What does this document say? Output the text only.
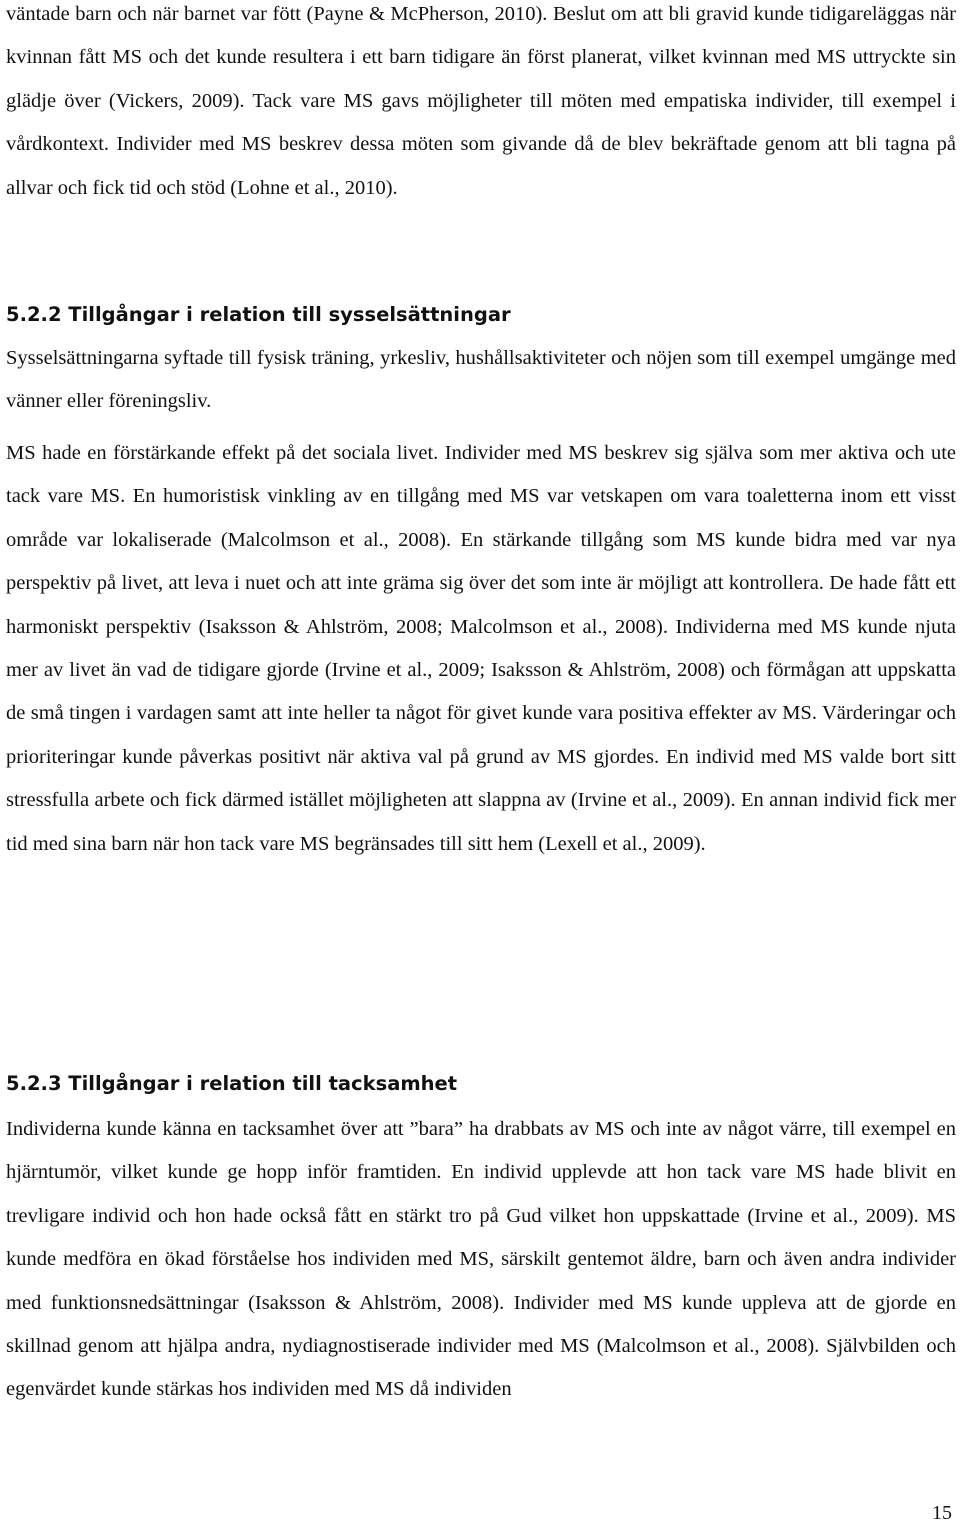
väntade barn och när barnet var fött (Payne & McPherson, 2010). Beslut om att bli gravid kunde tidigareläggas när kvinnan fått MS och det kunde resultera i ett barn tidigare än först planerat, vilket kvinnan med MS uttryckte sin glädje över (Vickers, 2009). Tack vare MS gavs möjligheter till möten med empatiska individer, till exempel i vårdkontext. Individer med MS beskrev dessa möten som givande då de blev bekräftade genom att bli tagna på allvar och fick tid och stöd (Lohne et al., 2010).

5.2.2 Tillgångar i relation till sysselsättningar

Sysselsättningarna syftade till fysisk träning, yrkesliv, hushållsaktiviteter och nöjen som till exempel umgänge med vänner eller föreningsliv.

MS hade en förstärkande effekt på det sociala livet. Individer med MS beskrev sig själva som mer aktiva och ute tack vare MS. En humoristisk vinkling av en tillgång med MS var vetskapen om vara toaletterna inom ett visst område var lokaliserade (Malcolmson et al., 2008). En stärkande tillgång som MS kunde bidra med var nya perspektiv på livet, att leva i nuet och att inte gräma sig över det som inte är möjligt att kontrollera. De hade fått ett harmoniskt perspektiv (Isaksson & Ahlström, 2008; Malcolmson et al., 2008). Individerna med MS kunde njuta mer av livet än vad de tidigare gjorde (Irvine et al., 2009; Isaksson & Ahlström, 2008) och förmågan att uppskatta de små tingen i vardagen samt att inte heller ta något för givet kunde vara positiva effekter av MS. Värderingar och prioriteringar kunde påverkas positivt när aktiva val på grund av MS gjordes. En individ med MS valde bort sitt stressfulla arbete och fick därmed istället möjligheten att slappna av (Irvine et al., 2009). En annan individ fick mer tid med sina barn när hon tack vare MS begränsades till sitt hem (Lexell et al., 2009).

5.2.3 Tillgångar i relation till tacksamhet

Individerna kunde känna en tacksamhet över att ”bara” ha drabbats av MS och inte av något värre, till exempel en hjärntumör, vilket kunde ge hopp inför framtiden. En individ upplevde att hon tack vare MS hade blivit en trevligare individ och hon hade också fått en stärkt tro på Gud vilket hon uppskattade (Irvine et al., 2009). MS kunde medföra en ökad förståelse hos individen med MS, särskilt gentemot äldre, barn och även andra individer med funktionsnedsättningar (Isaksson & Ahlström, 2008). Individer med MS kunde uppleva att de gjorde en skillnad genom att hjälpa andra, nydiagnostiserade individer med MS (Malcolmson et al., 2008). Självbilden och egenvärdet kunde stärkas hos individen med MS då individen

15
